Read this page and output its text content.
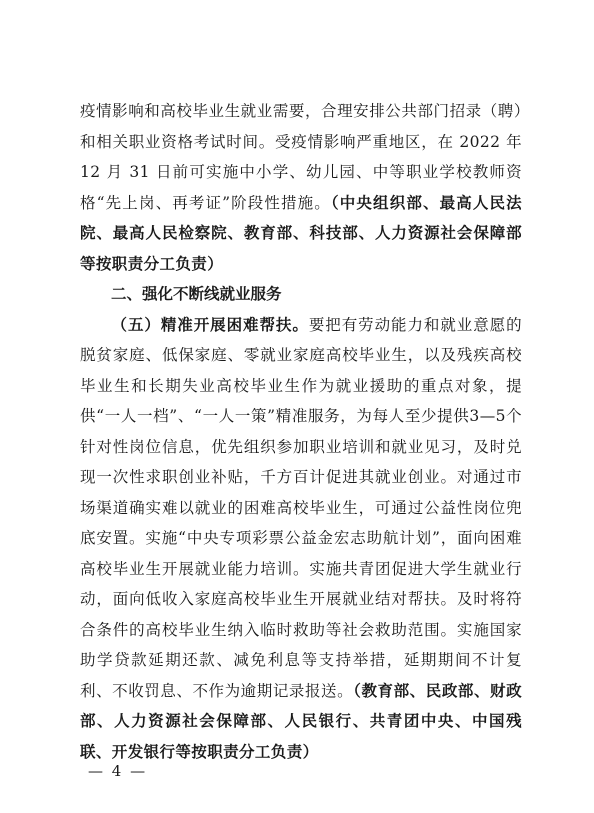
疫情影响和高校毕业生就业需要，合理安排公共部门招录（聘）和相关职业资格考试时间。受疫情影响严重地区，在 2022 年 12 月 31 日前可实施中小学、幼儿园、中等职业学校教师资格“先上岗、再考证”阶段性措施。（中央组织部、最高人民法院、最高人民检察院、教育部、科技部、人力资源社会保障部等按职责分工负责）

二、强化不断线就业服务

（五）精准开展困难帮扶。要把有劳动能力和就业意愿的脱贫家庭、低保家庭、零就业家庭高校毕业生，以及残疾高校毕业生和长期失业高校毕业生作为就业援助的重点对象，提供“一人一档”、“一人一策”精准服务，为每人至少提供3—5个针对性岗位信息，优先组织参加职业培训和就业见习，及时兑现一次性求职创业补贴，千方百计促进其就业创业。对通过市场渠道确实难以就业的困难高校毕业生，可通过公益性岗位兜底安置。实施“中央专项彩票公益金宏志助航计划”，面向困难高校毕业生开展就业能力培训。实施共青团促进大学生就业行动，面向低收入家庭高校毕业生开展就业结对帮扶。及时将符合条件的高校毕业生纳入临时救助等社会救助范围。实施国家助学贷款延期还款、减免利息等支持举措，延期期间不计复利、不收罚息、不作为逾期记录报送。（教育部、民政部、财政部、人力资源社会保障部、人民银行、共青团中央、中国残联、开发银行等按职责分工负责）

— 4 —
